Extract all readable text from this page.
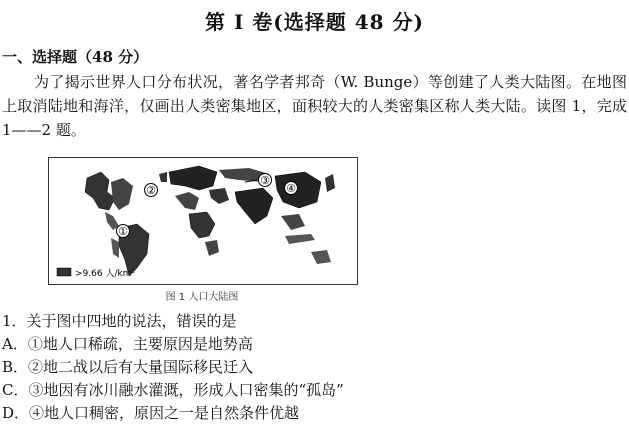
第 I 卷(选择题 48 分)
一、选择题（48 分）
为了揭示世界人口分布状况，著名学者邦奇（W. Bunge）等创建了人类大陆图。在地图上取消陆地和海洋，仅画出人类密集地区，面积较大的人类密集区称人类大陆。读图 1，完成 1——2 题。
①
②
③
④
>9.66 人/km²
图 1 人口大陆图
1．关于图中四地的说法，错误的是
A．①地人口稀疏，主要原因是地势高
B．②地二战以后有大量国际移民迁入
C．③地因有冰川融水灌溉，形成人口密集的“孤岛”
D．④地人口稠密，原因之一是自然条件优越
